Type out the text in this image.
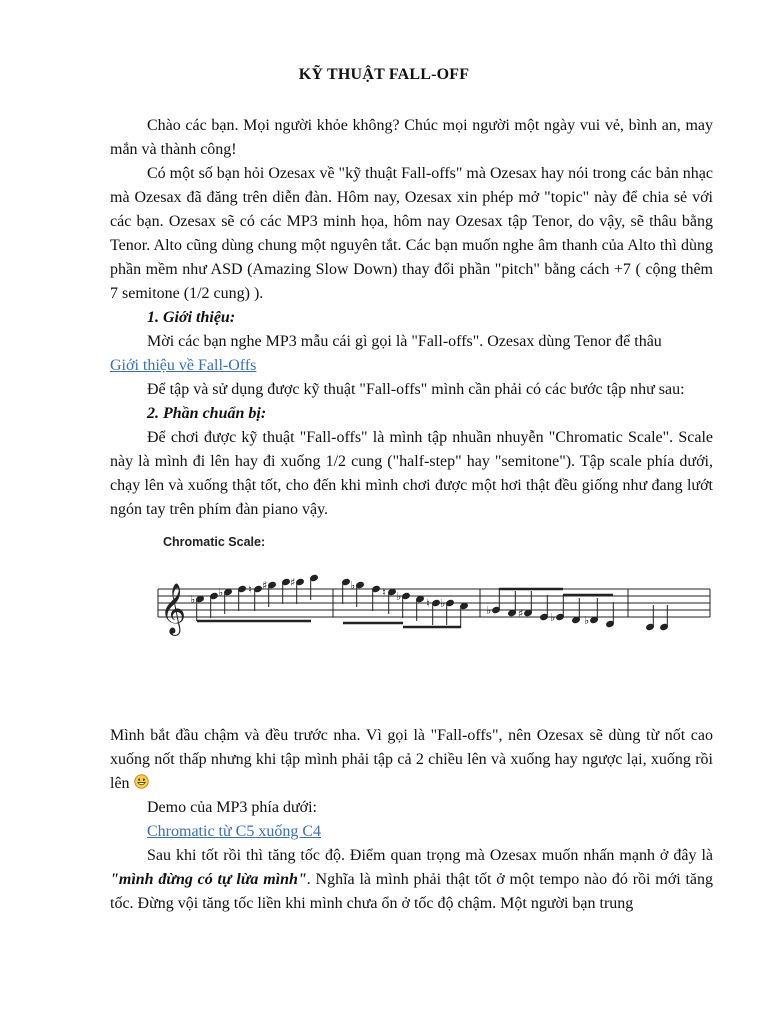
KỸ THUẬT FALL-OFF

Chào các bạn. Mọi người khỏe không? Chúc mọi người một ngày vui vẻ, bình an, may mắn và thành công!

Có một số bạn hỏi Ozesax về "kỹ thuật Fall-offs" mà Ozesax hay nói trong các bản nhạc mà Ozesax đã đăng trên diễn đàn. Hôm nay, Ozesax xin phép mở "topic" này để chia sẻ với các bạn. Ozesax sẽ có các MP3 minh họa, hôm nay Ozesax tập Tenor, do vậy, sẽ thâu bằng Tenor. Alto cũng dùng chung một nguyên tắt. Các bạn muốn nghe âm thanh của Alto thì dùng phần mềm như ASD (Amazing Slow Down) thay đổi phần "pitch" bằng cách +7 ( cộng thêm 7 semitone (1/2 cung) ).

1. Giới thiệu:

Mời các bạn nghe MP3 mẫu cái gì gọi là "Fall-offs". Ozesax dùng Tenor để thâu

Giới thiệu về Fall-Offs

Để tập và sử dụng được kỹ thuật "Fall-offs" mình cần phải có các bước tập như sau:

2. Phần chuẩn bị:

Để chơi được kỹ thuật "Fall-offs" là mình tập nhuần nhuyễn "Chromatic Scale". Scale này là mình đi lên hay đi xuống 1/2 cung ("half-step" hay "semitone"). Tập scale phía dưới, chạy lên và xuống thật tốt, cho đến khi mình chơi được một hơi thật đều giống như đang lướt ngón tay trên phím đàn piano vậy.

Chromatic Scale:
𝄞 ♭
♭ ♮ ♯ ♯	♭
♮ ♭
♮ ♭
♭ ♯ ♭	♭

Mình bắt đầu chậm và đều trước nha. Vì gọi là "Fall-offs", nên Ozesax sẽ dùng từ nốt cao xuống nốt thấp nhưng khi tập mình phải tập cả 2 chiều lên và xuống hay ngược lại, xuống rồi lên

Demo của MP3 phía dưới:

Chromatic từ C5 xuống C4

Sau khi tốt rồi thì tăng tốc độ. Điểm quan trọng mà Ozesax muốn nhấn mạnh ở đây là "mình đừng có tự lừa mình". Nghĩa là mình phải thật tốt ở một tempo nào đó rồi mới tăng tốc. Đừng vội tăng tốc liền khi mình chưa ổn ở tốc độ chậm. Một người bạn trung
